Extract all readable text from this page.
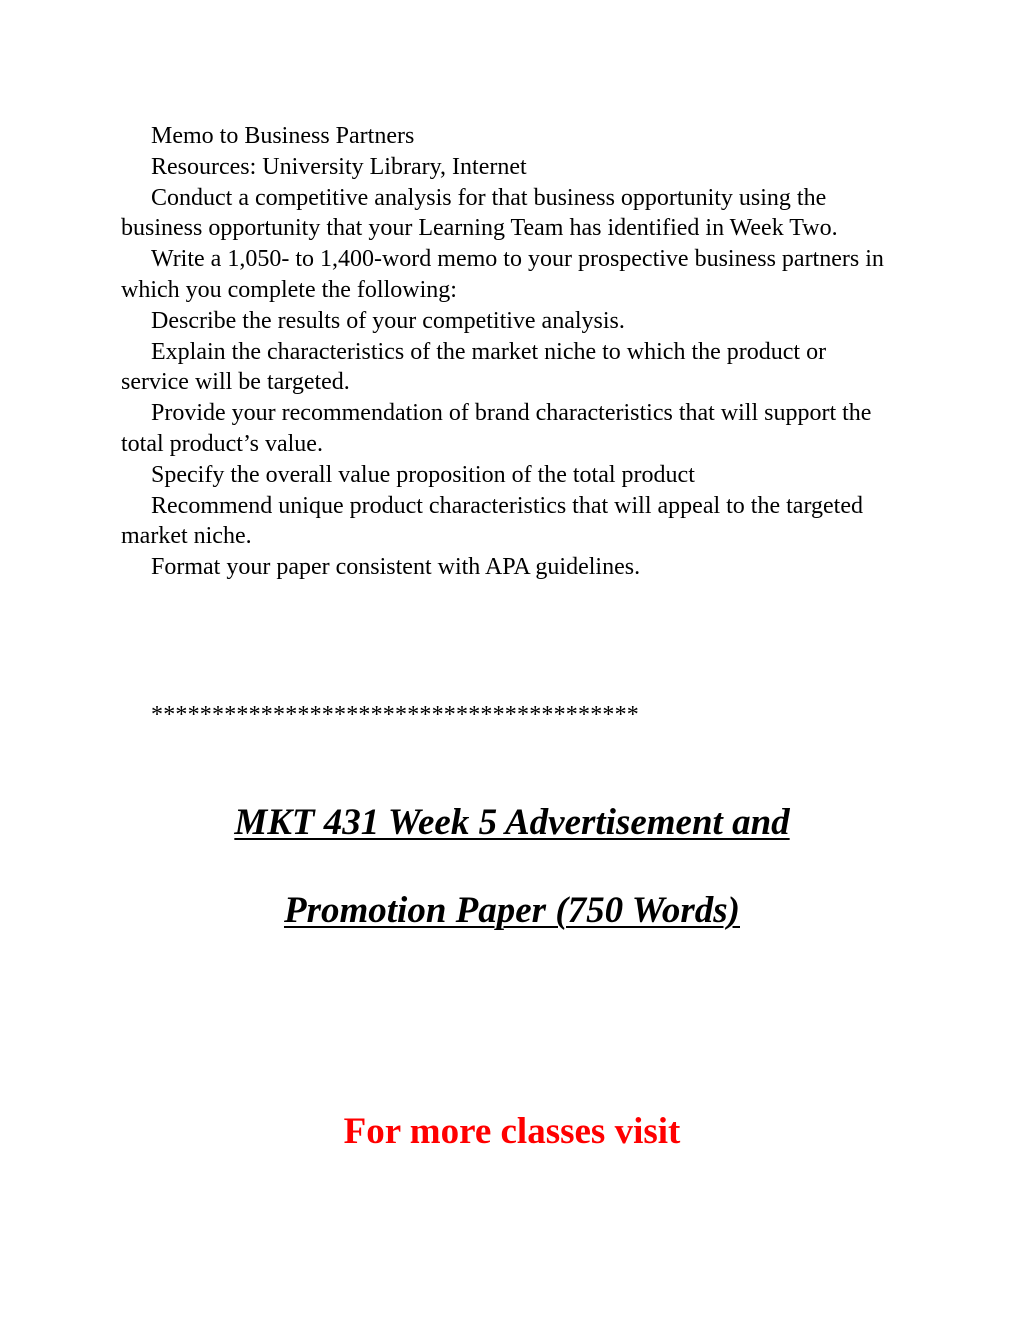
Memo to Business Partners

Resources: University Library, Internet

Conduct a competitive analysis for that business opportunity using the business opportunity that your Learning Team has identified in Week Two.

Write a 1,050- to 1,400-word memo to your prospective business partners in which you complete the following:

Describe the results of your competitive analysis.

Explain the characteristics of the market niche to which the product or service will be targeted.

Provide your recommendation of brand characteristics that will support the total product’s value.

Specify the overall value proposition of the total product

Recommend unique product characteristics that will appeal to the targeted market niche.

Format your paper consistent with APA guidelines.

****************************************
MKT 431 Week 5 Advertisement and
Promotion Paper (750 Words)
For more classes visit
